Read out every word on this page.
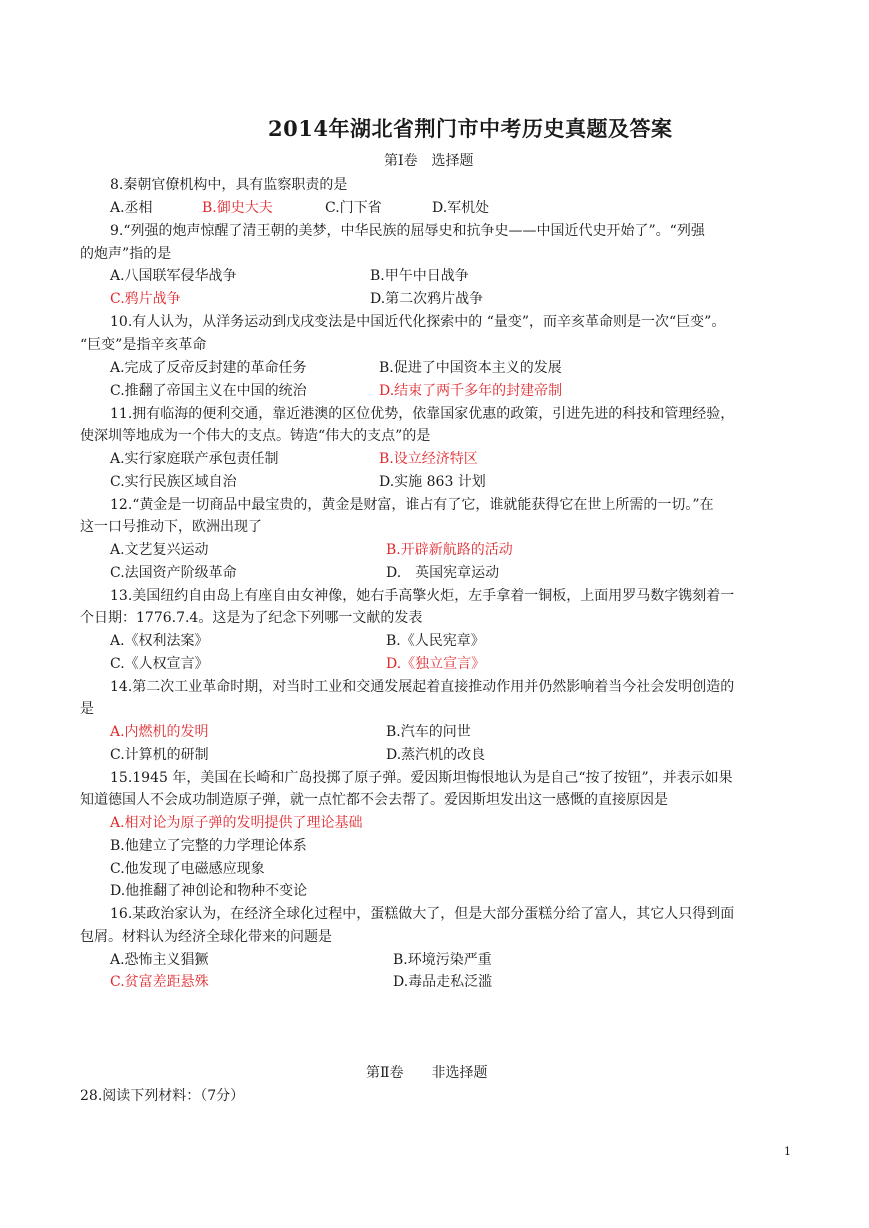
2014年湖北省荆门市中考历史真题及答案
第Ⅰ卷　选择题
8.秦朝官僚机构中，具有监察职责的是
A.丞相	B.御史大夫	C.门下省	D.军机处
9.“列强的炮声惊醒了清王朝的美梦，中华民族的屈辱史和抗争史——中国近代史开始了”。“列强
的炮声”指的是
A.八国联军侵华战争	B.甲午中日战争
C.鸦片战争	D.第二次鸦片战争
10.有人认为，从洋务运动到戊戌变法是中国近代化探索中的 “量变”，而辛亥革命则是一次“巨变”。
“巨变”是指辛亥革命
A.完成了反帝反封建的革命任务	B.促进了中国资本主义的发展
C.推翻了帝国主义在中国的统治	D.结束了两千多年的封建帝制
11.拥有临海的便利交通，靠近港澳的区位优势，依靠国家优惠的政策，引进先进的科技和管理经验，
使深圳等地成为一个伟大的支点。铸造“伟大的支点”的是
A.实行家庭联产承包责任制	B.设立经济特区
C.实行民族区域自治	D.实施 863 计划
12.“黄金是一切商品中最宝贵的，黄金是财富，谁占有了它，谁就能获得它在世上所需的一切。”在
这一口号推动下，欧洲出现了
A.文艺复兴运动	B.开辟新航路的活动
C.法国资产阶级革命	D.　英国宪章运动
13.美国纽约自由岛上有座自由女神像，她右手高擎火炬，左手拿着一铜板，上面用罗马数字镌刻着一
个日期：1776.7.4。这是为了纪念下列哪一文献的发表
A.《权利法案》	B.《人民宪章》
C.《人权宣言》	D.《独立宣言》
14.第二次工业革命时期，对当时工业和交通发展起着直接推动作用并仍然影响着当今社会发明创造的
是
A.内燃机的发明	B.汽车的问世
C.计算机的研制	D.蒸汽机的改良
15.1945 年，美国在长崎和广岛投掷了原子弹。爱因斯坦悔恨地认为是自己“按了按钮”，并表示如果
知道德国人不会成功制造原子弹，就一点忙都不会去帮了。爱因斯坦发出这一感慨的直接原因是
A.相对论为原子弹的发明提供了理论基础
B.他建立了完整的力学理论体系
C.他发现了电磁感应现象
D.他推翻了神创论和物种不变论
16.某政治家认为，在经济全球化过程中，蛋糕做大了，但是大部分蛋糕分给了富人，其它人只得到面
包屑。材料认为经济全球化带来的问题是
A.恐怖主义猖獗	B.环境污染严重
C.贫富差距悬殊	D.毒品走私泛滥
第Ⅱ卷　　非选择题
28.阅读下列材料：（7分）
1
